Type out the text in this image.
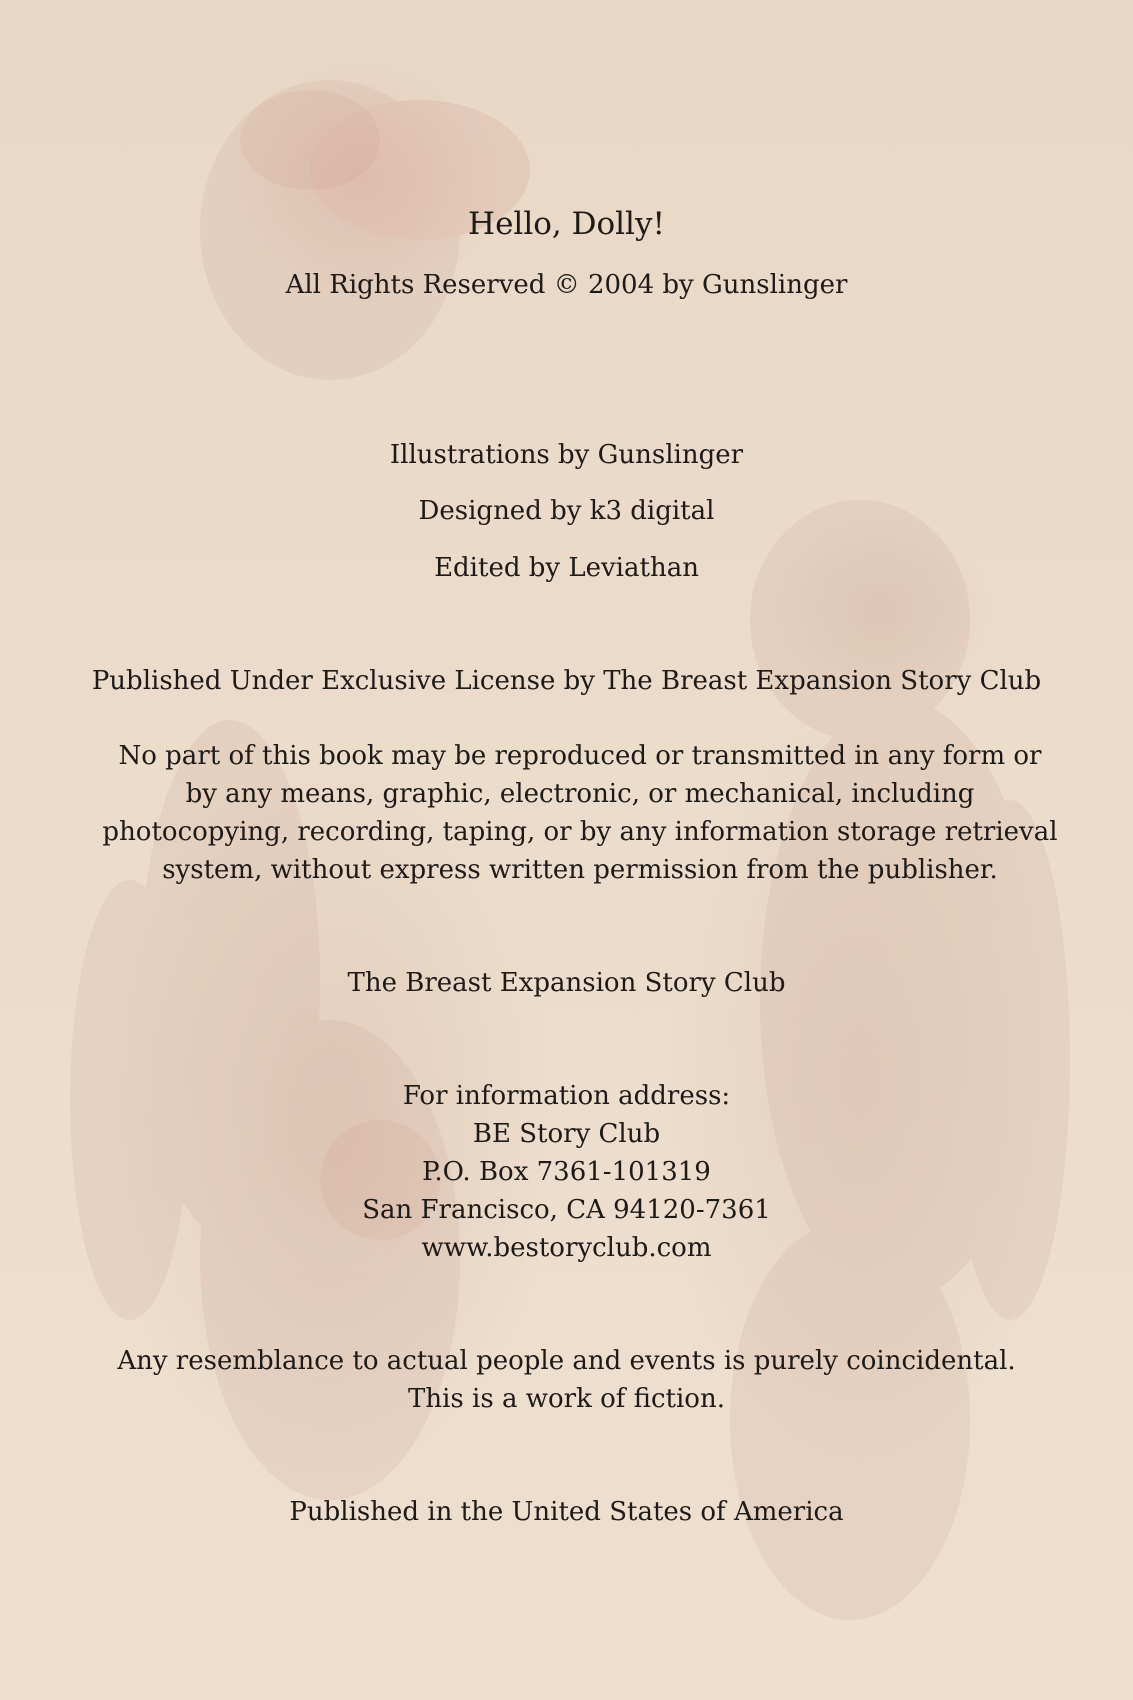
Hello, Dolly!
All Rights Reserved © 2004 by Gunslinger
Illustrations by Gunslinger
Designed by k3 digital
Edited by Leviathan
Published Under Exclusive License by The Breast Expansion Story Club
No part of this book may be reproduced or transmitted in any form or by any means, graphic, electronic, or mechanical, including photocopying, recording, taping, or by any information storage retrieval system, without express written permission from the publisher.
The Breast Expansion Story Club
For information address:
BE Story Club
P.O. Box 7361-101319
San Francisco, CA 94120-7361
www.bestoryclub.com
Any resemblance to actual people and events is purely coincidental.
This is a work of fiction.
Published in the United States of America
